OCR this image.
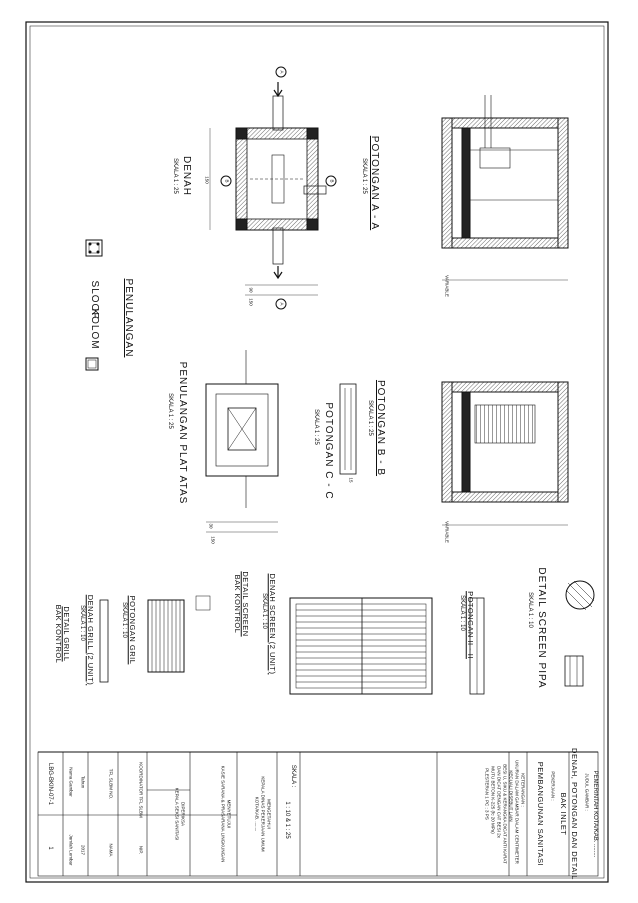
PEMERINTAH KOTA/KAB. ........
JUDUL GAMBAR :
DENAH, POTONGAN DAN DETAIL
BAK INLET
PEKERJAAN :
PEMBANGUNAN SANITASI
KETERANGAN :
UKURAN DALAM GAMBAR DALAM CENTIMETER
KECUALI DISEBUT LAIN
BESI U, SIKU & KERANGKA DICAT ANTI KARAT
DAN DICAT DENGAN CAT BESI 2x
MUTU BETON K-225 (fc 20 MPa)
PLESTERAN 1 PC : 3 PS
SKALA :
1 : 10 & 1 : 25
MENGETAHUI
KEPALA DINAS PEKERJAAN UMUM
KOTA/KAB. ........
MENYETUJUI
KASIE SARANA & PRASARANA LINGKUNGAN
DIPERIKSA
KEPALA SEKSI SANITASI
KOORDINATOR TFL SLBM
NIP.
TFL SLBM NO.
NAMA
Tahun
2017
Nama Gambar
Jumlah Lembar
LBG-BKIN-07-1
1
DENAH
SKALA 1 : 25	POTONGAN A - A
SKALA 1 : 25
POTONGAN B - B
SKALA 1 : 25
POTONGAN C - C
SKALA 1 : 25
PENULANGAN PLAT ATAS
SKALA 1 : 25
PENULANGAN
SLOOF
KOLOM
DETAIL SCREEN PIPA
SKALA 1 : 10
DENAH SCREEN (2 UNIT)
SKALA 1 : 10
DETAIL SCREEN
BAK KONTROL	POTONGAN II - II
SKALA 1 : 10
POTONGAN GRIL
SKALA 1 : 10
DENAH GRILL (2 UNIT)
SKALA 1 : 10
DETAIL GRILL
BAK KONTROL
A
A
B	B
150
90
150
VARIABLE
VARIABLE
150
30
15
